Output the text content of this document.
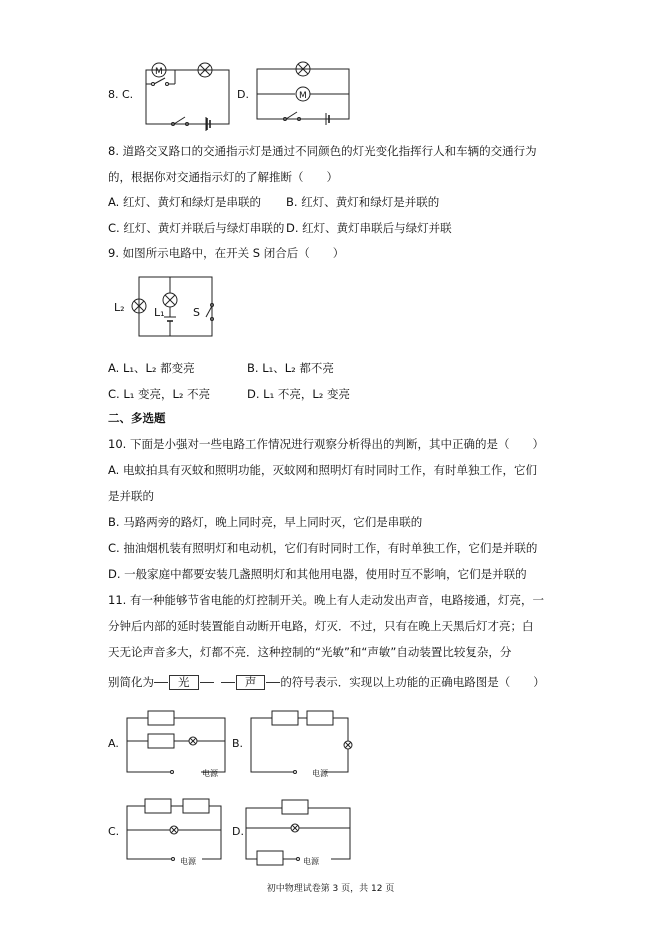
8. C.
M
D.	M
8. 道路交叉路口的交通指示灯是通过不同颜色的灯光变化指挥行人和车辆的交通行为
的，根据你对交通指示灯的了解推断（　　）
A. 红灯、黄灯和绿灯是串联的 B. 红灯、黄灯和绿灯是并联的
C. 红灯、黄灯并联后与绿灯串联的 D. 红灯、黄灯串联后与绿灯并联
9. 如图所示电路中，在开关 S 闭合后（　　）
L₂	L₁	S
A. L₁、L₂ 都变亮	B. L₁、L₂ 都不亮
C. L₁ 变亮，L₂ 不亮	D. L₁ 不亮，L₂ 变亮
二、多选题
10. 下面是小强对一些电路工作情况进行观察分析得出的判断，其中正确的是（　　）
A. 电蚊拍具有灭蚊和照明功能，灭蚊网和照明灯有时同时工作，有时单独工作，它们
是并联的
B. 马路两旁的路灯，晚上同时亮，早上同时灭，它们是串联的
C. 抽油烟机装有照明灯和电动机，它们有时同时工作，有时单独工作，它们是并联的
D. 一般家庭中都要安装几盏照明灯和其他用电器，使用时互不影响，它们是并联的
11. 有一种能够节省电能的灯控制开关。晚上有人走动发出声音，电路接通，灯亮，一
分钟后内部的延时装置能自动断开电路，灯灭．不过，只有在晚上天黑后灯才亮；白
天无论声音多大，灯都不亮．这种控制的“光敏”和“声敏”自动装置比较复杂，分
别简化为 光	声 的符号表示．实现以上功能的正确电路图是（　　）
A.
电源
B.
电源
C.
电源
D.
电源
初中物理试卷第 3 页，共 12 页
